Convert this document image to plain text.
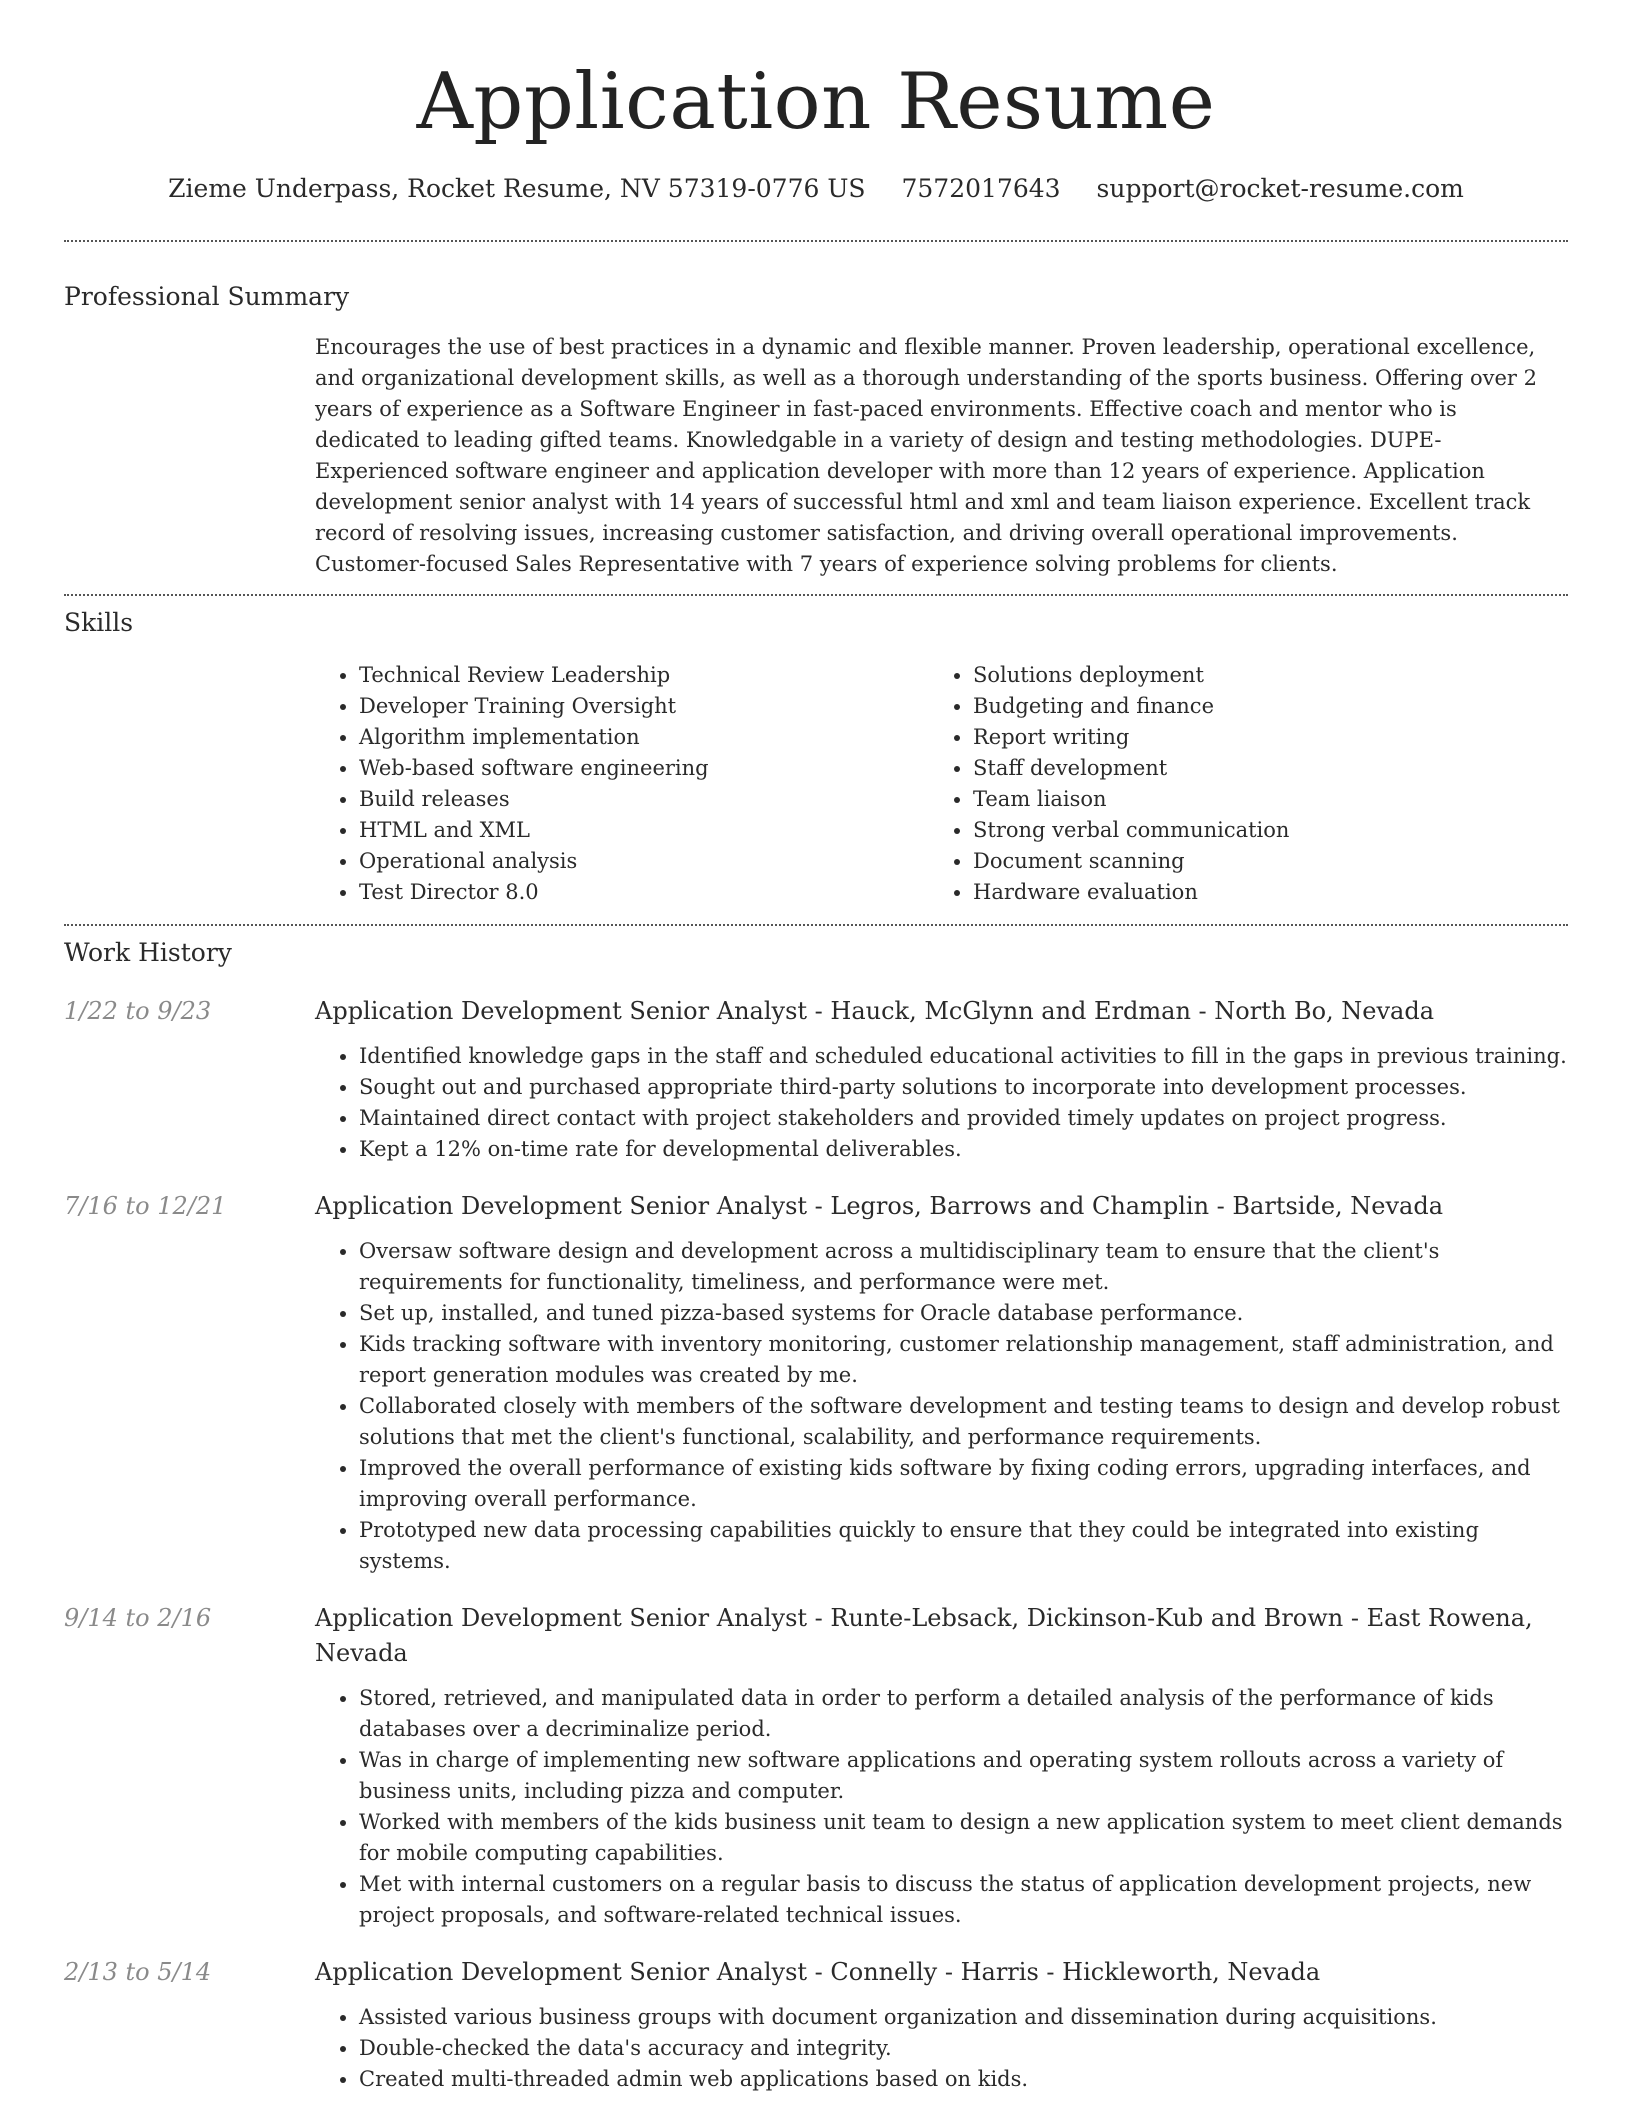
Application Resume
Zieme Underpass, Rocket Resume, NV 57319-0776 US 7572017643 support@rocket-resume.com
Professional Summary
Encourages the use of best practices in a dynamic and flexible manner. Proven leadership, operational excellence, and organizational development skills, as well as a thorough understanding of the sports business. Offering over 2 years of experience as a Software Engineer in fast-paced environments. Effective coach and mentor who is dedicated to leading gifted teams. Knowledgable in a variety of design and testing methodologies. DUPE- Experienced software engineer and application developer with more than 12 years of experience. Application development senior analyst with 14 years of successful html and xml and team liaison experience. Excellent track record of resolving issues, increasing customer satisfaction, and driving overall operational improvements. Customer-focused Sales Representative with 7 years of experience solving problems for clients.
Skills
• Technical Review Leadership
• Developer Training Oversight
• Algorithm implementation
• Web-based software engineering
• Build releases
• HTML and XML
• Operational analysis
• Test Director 8.0
• Solutions deployment
• Budgeting and finance
• Report writing
• Staff development
• Team liaison
• Strong verbal communication
• Document scanning
• Hardware evaluation
Work History
1/22 to 9/23	Application Development Senior Analyst - Hauck, McGlynn and Erdman - North Bo, Nevada
• Identified knowledge gaps in the staff and scheduled educational activities to fill in the gaps in previous training.
• Sought out and purchased appropriate third-party solutions to incorporate into development processes.
• Maintained direct contact with project stakeholders and provided timely updates on project progress.
• Kept a 12% on-time rate for developmental deliverables.
7/16 to 12/21	Application Development Senior Analyst - Legros, Barrows and Champlin - Bartside, Nevada
• Oversaw software design and development across a multidisciplinary team to ensure that the client's requirements for functionality, timeliness, and performance were met.
• Set up, installed, and tuned pizza-based systems for Oracle database performance.
• Kids tracking software with inventory monitoring, customer relationship management, staff administration, and report generation modules was created by me.
• Collaborated closely with members of the software development and testing teams to design and develop robust solutions that met the client's functional, scalability, and performance requirements.
• Improved the overall performance of existing kids software by fixing coding errors, upgrading interfaces, and improving overall performance.
• Prototyped new data processing capabilities quickly to ensure that they could be integrated into existing systems.
9/14 to 2/16	Application Development Senior Analyst - Runte-Lebsack, Dickinson-Kub and Brown - East Rowena, Nevada
• Stored, retrieved, and manipulated data in order to perform a detailed analysis of the performance of kids databases over a decriminalize period.
• Was in charge of implementing new software applications and operating system rollouts across a variety of business units, including pizza and computer.
• Worked with members of the kids business unit team to design a new application system to meet client demands for mobile computing capabilities.
• Met with internal customers on a regular basis to discuss the status of application development projects, new project proposals, and software-related technical issues.
2/13 to 5/14	Application Development Senior Analyst - Connelly - Harris - Hickleworth, Nevada
• Assisted various business groups with document organization and dissemination during acquisitions.
• Double-checked the data's accuracy and integrity.
• Created multi-threaded admin web applications based on kids.
